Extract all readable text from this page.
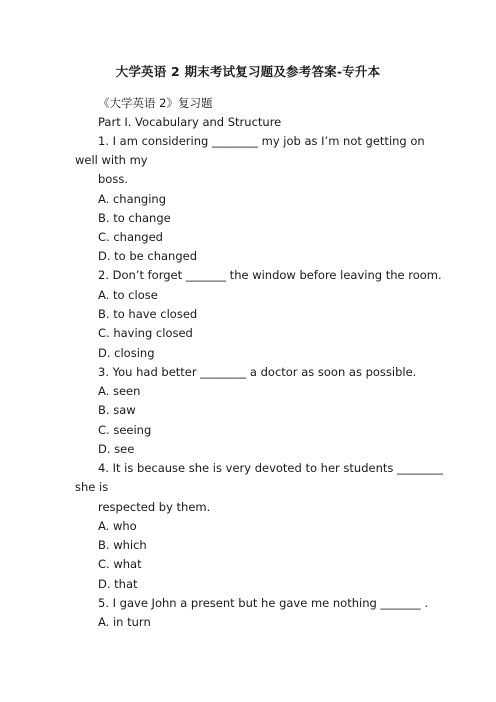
大学英语 2 期末考试复习题及参考答案-专升本
《大学英语 2》复习题
Part I. Vocabulary and Structure
1. I am considering ________ my job as I’m not getting on
well with my
boss.
A. changing
B. to change
C. changed
D. to be changed
2. Don’t forget _______ the window before leaving the room.
A. to close
B. to have closed
C. having closed
D. closing
3. You had better ________ a doctor as soon as possible.
A. seen
B. saw
C. seeing
D. see
4. It is because she is very devoted to her students ________
she is
respected by them.
A. who
B. which
C. what
D. that
5. I gave John a present but he gave me nothing _______ .
A. in turn
